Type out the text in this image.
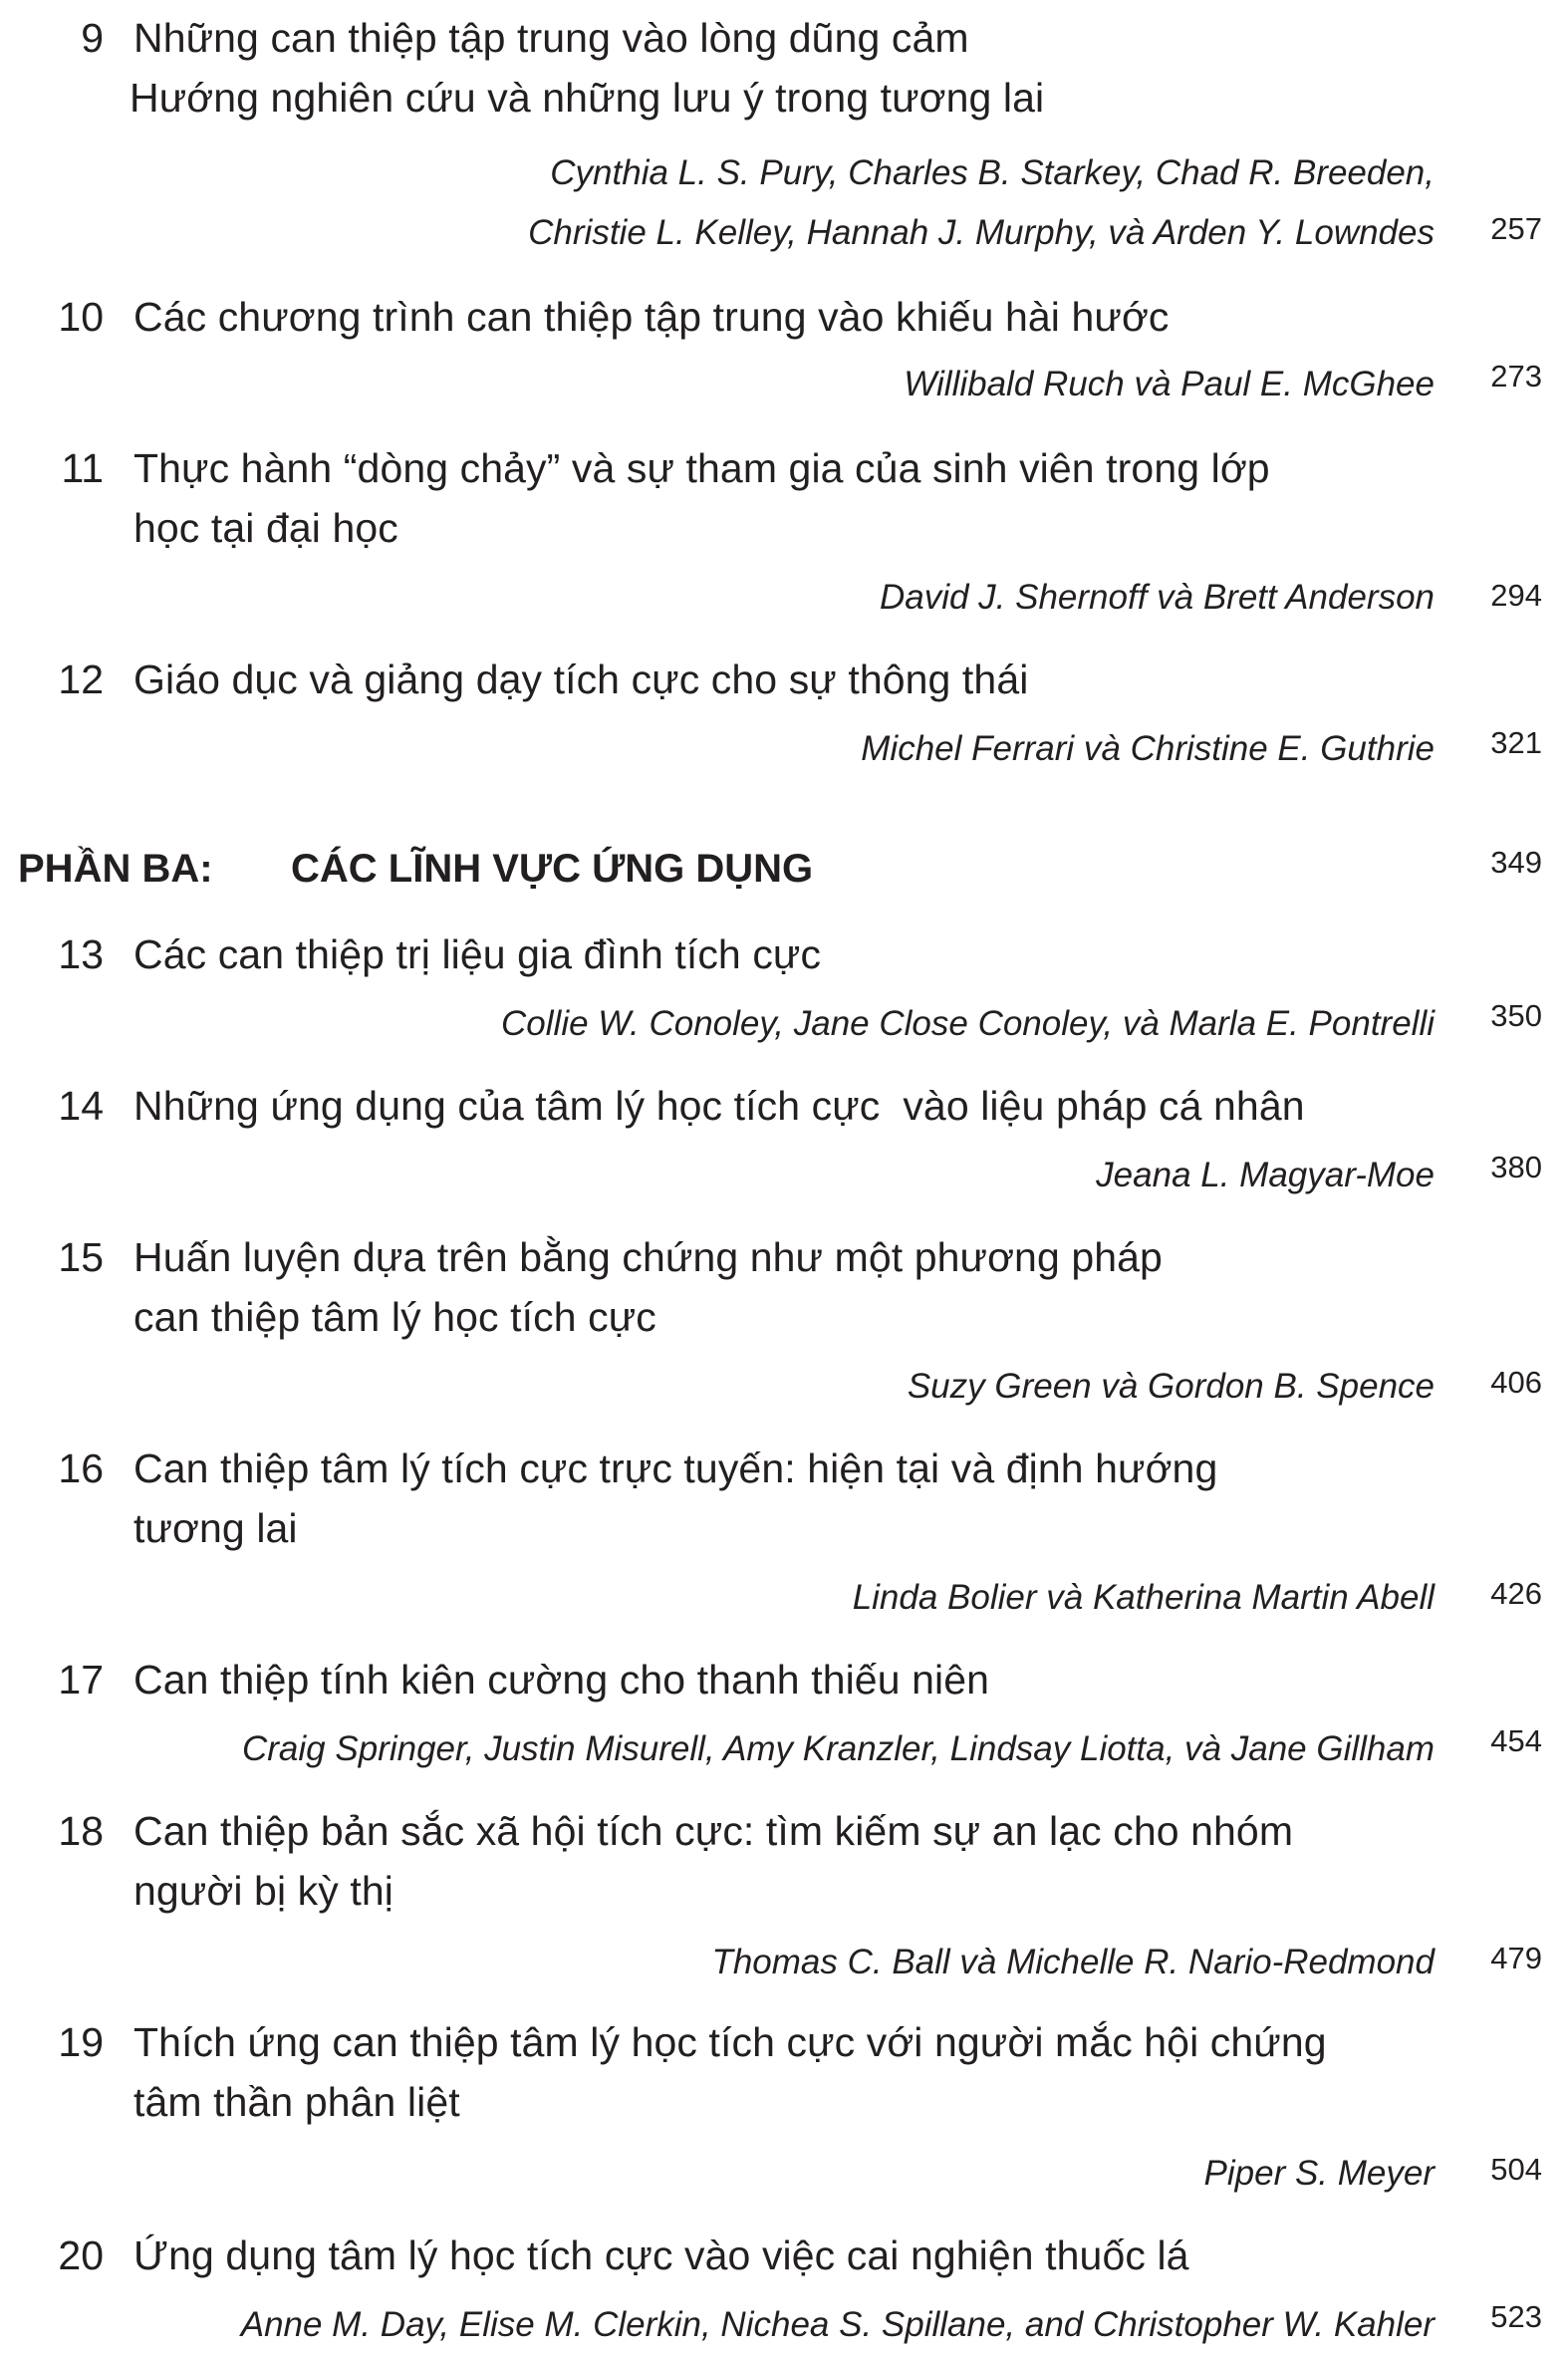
9 Những can thiệp tập trung vào lòng dũng cảm
Hướng nghiên cứu và những lưu ý trong tương lai
Cynthia L. S. Pury, Charles B. Starkey, Chad R. Breeden,
Christie L. Kelley, Hannah J. Murphy, và Arden Y. Lowndes	257
10 Các chương trình can thiệp tập trung vào khiếu hài hước
Willibald Ruch và Paul E. McGhee	273
11 Thực hành “dòng chảy” và sự tham gia của sinh viên trong lớp
học tại đại học
David J. Shernoff và Brett Anderson	294
12 Giáo dục và giảng dạy tích cực cho sự thông thái
Michel Ferrari và Christine E. Guthrie	321
PHẦN BA: CÁC LĨNH VỰC ỨNG DỤNG	349
13 Các can thiệp trị liệu gia đình tích cực
Collie W. Conoley, Jane Close Conoley, và Marla E. Pontrelli	350
14 Những ứng dụng của tâm lý học tích cực  vào liệu pháp cá nhân
Jeana L. Magyar-Moe	380
15 Huấn luyện dựa trên bằng chứng như một phương pháp
can thiệp tâm lý học tích cực
Suzy Green và Gordon B. Spence	406
16 Can thiệp tâm lý tích cực trực tuyến: hiện tại và định hướng
tương lai
Linda Bolier và Katherina Martin Abell	426
17 Can thiệp tính kiên cường cho thanh thiếu niên
Craig Springer, Justin Misurell, Amy Kranzler, Lindsay Liotta, và Jane Gillham	454
18 Can thiệp bản sắc xã hội tích cực: tìm kiếm sự an lạc cho nhóm
người bị kỳ thị
Thomas C. Ball và Michelle R. Nario-Redmond	479
19 Thích ứng can thiệp tâm lý học tích cực với người mắc hội chứng
tâm thần phân liệt
Piper S. Meyer	504
20 Ứng dụng tâm lý học tích cực vào việc cai nghiện thuốc lá
Anne M. Day, Elise M. Clerkin, Nichea S. Spillane, and Christopher W. Kahler	523
